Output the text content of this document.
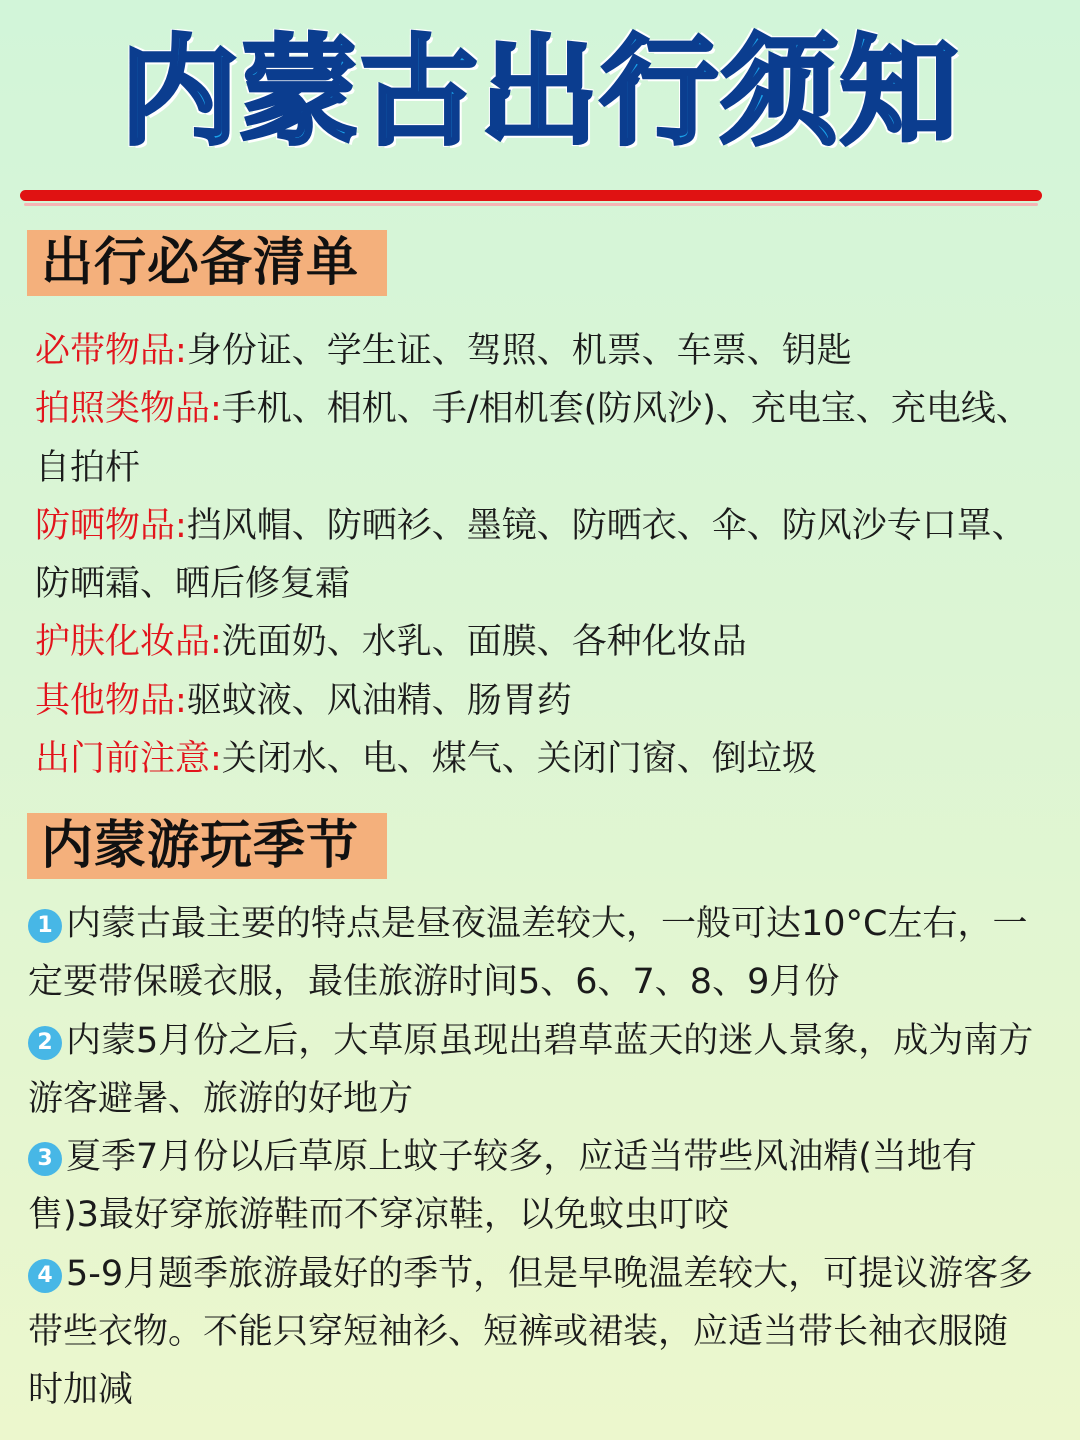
内蒙古出行须知
出行必备清单

必带物品:身份证、学生证、驾照、机票、车票、钥匙

拍照类物品:手机、相机、手/相机套(防风沙)、充电宝、充电线、自拍杆

防晒物品:挡风帽、防晒衫、墨镜、防晒衣、伞、防风沙专口罩、防晒霜、晒后修复霜

护肤化妆品:洗面奶、水乳、面膜、各种化妆品

其他物品:驱蚊液、风油精、肠胃药

出门前注意:关闭水、电、煤气、关闭门窗、倒垃圾

内蒙游玩季节

1 内蒙古最主要的特点是昼夜温差较大，一般可达10°C左右，一定要带保暖衣服，最佳旅游时间5、6、7、8、9月份

2 内蒙5月份之后，大草原虽现出碧草蓝天的迷人景象，成为南方游客避暑、旅游的好地方

3 夏季7月份以后草原上蚊子较多，应适当带些风油精(当地有售)3最好穿旅游鞋而不穿凉鞋，以免蚊虫叮咬

4 5-9月题季旅游最好的季节，但是早晚温差较大，可提议游客多带些衣物。不能只穿短袖衫、短裤或裙装，应适当带长袖衣服随时加减
